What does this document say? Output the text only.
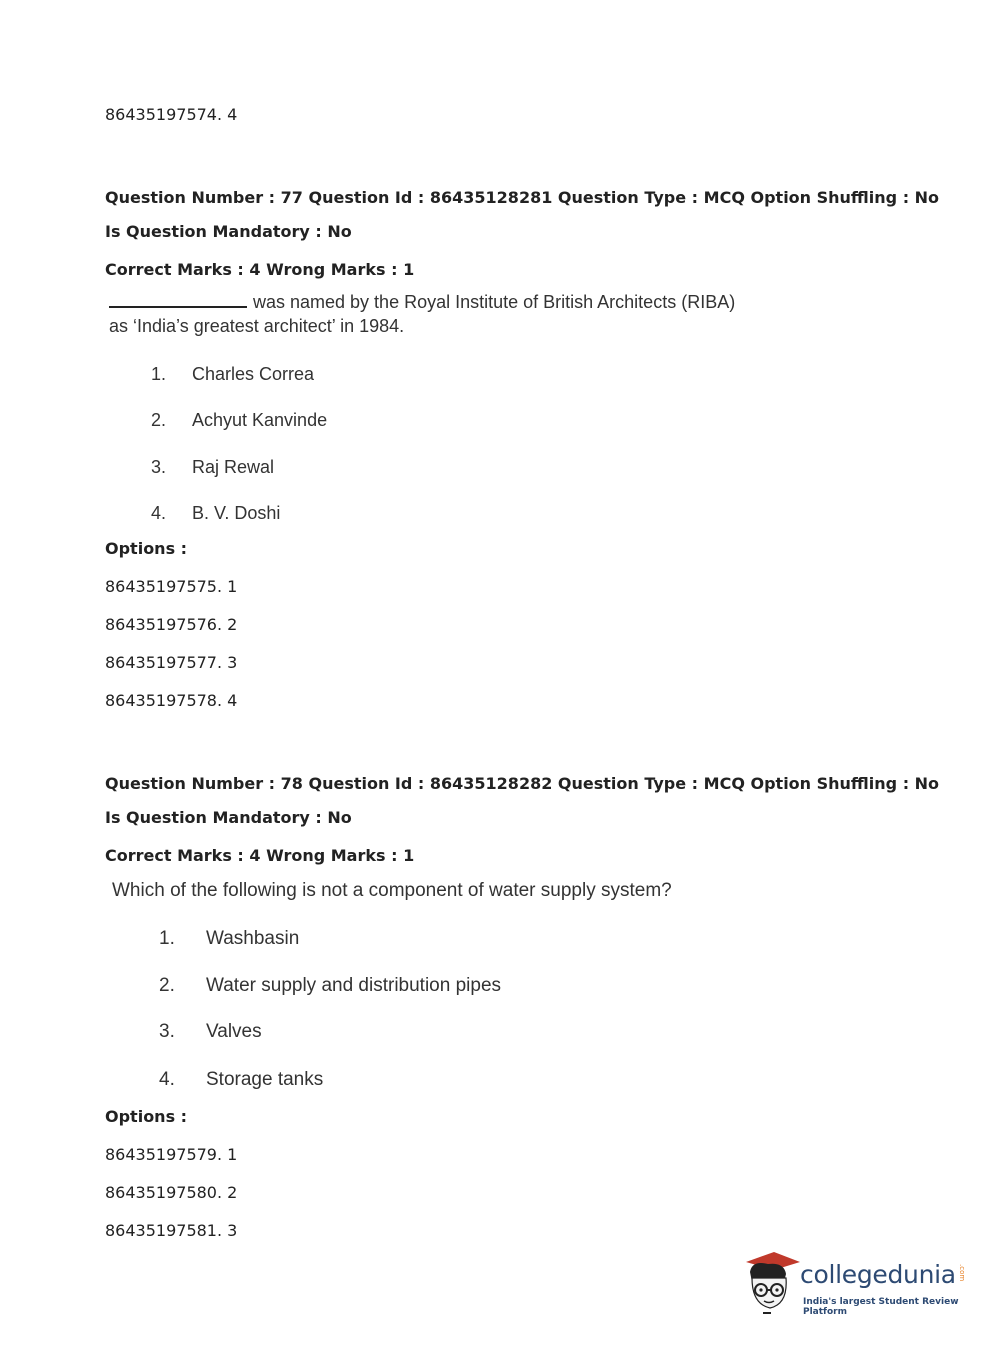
86435197574. 4
Question Number : 77 Question Id : 86435128281 Question Type : MCQ Option Shuffling : No
Is Question Mandatory : No
Correct Marks : 4 Wrong Marks : 1
was named by the Royal Institute of British Architects (RIBA)
as ‘India’s greatest architect’ in 1984.
1. Charles Correa
2. Achyut Kanvinde
3. Raj Rewal
4. B. V. Doshi
Options :
86435197575. 1
86435197576. 2
86435197577. 3
86435197578. 4
Question Number : 78 Question Id : 86435128282 Question Type : MCQ Option Shuffling : No
Is Question Mandatory : No
Correct Marks : 4 Wrong Marks : 1
Which of the following is not a component of water supply system?
1. Washbasin
2. Water supply and distribution pipes
3. Valves
4. Storage tanks
Options :
86435197579. 1
86435197580. 2
86435197581. 3
collegedunia .com
India's largest Student Review Platform
